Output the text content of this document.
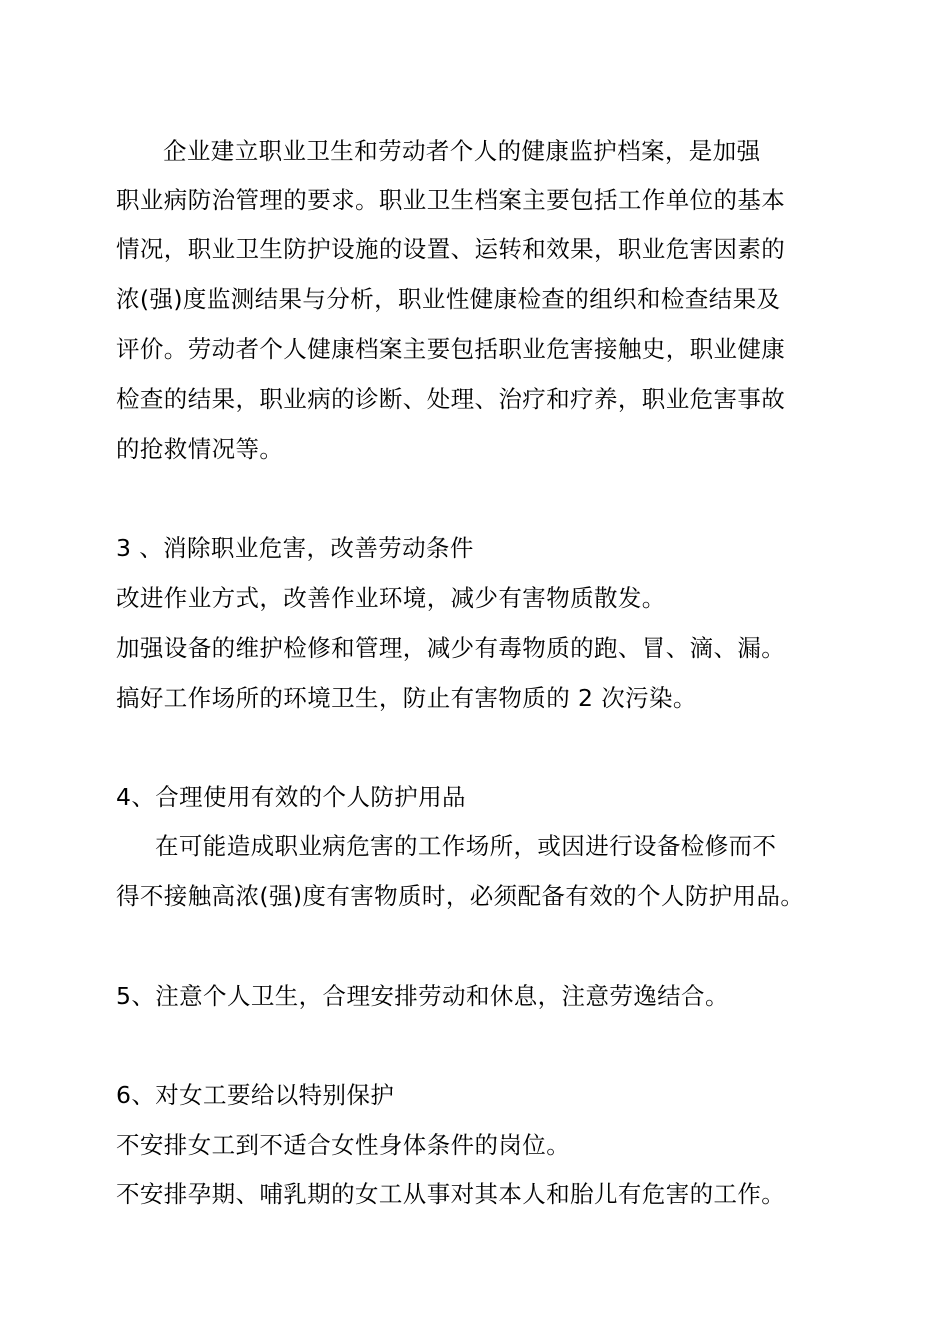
企业建立职业卫生和劳动者个人的健康监护档案，是加强
职业病防治管理的要求。职业卫生档案主要包括工作单位的基本
情况，职业卫生防护设施的设置、运转和效果，职业危害因素的
浓(强)度监测结果与分析，职业性健康检查的组织和检查结果及
评价。劳动者个人健康档案主要包括职业危害接触史，职业健康
检查的结果，职业病的诊断、处理、治疗和疗养，职业危害事故
的抢救情况等。
3 、消除职业危害，改善劳动条件
改进作业方式，改善作业环境，减少有害物质散发。
加强设备的维护检修和管理，减少有毒物质的跑、冒、滴、漏。
搞好工作场所的环境卫生，防止有害物质的 2 次污染。
4、合理使用有效的个人防护用品
在可能造成职业病危害的工作场所，或因进行设备检修而不
得不接触高浓(强)度有害物质时，必须配备有效的个人防护用品。
5、注意个人卫生，合理安排劳动和休息，注意劳逸结合。
6、对女工要给以特别保护
不安排女工到不适合女性身体条件的岗位。
不安排孕期、哺乳期的女工从事对其本人和胎儿有危害的工作。
